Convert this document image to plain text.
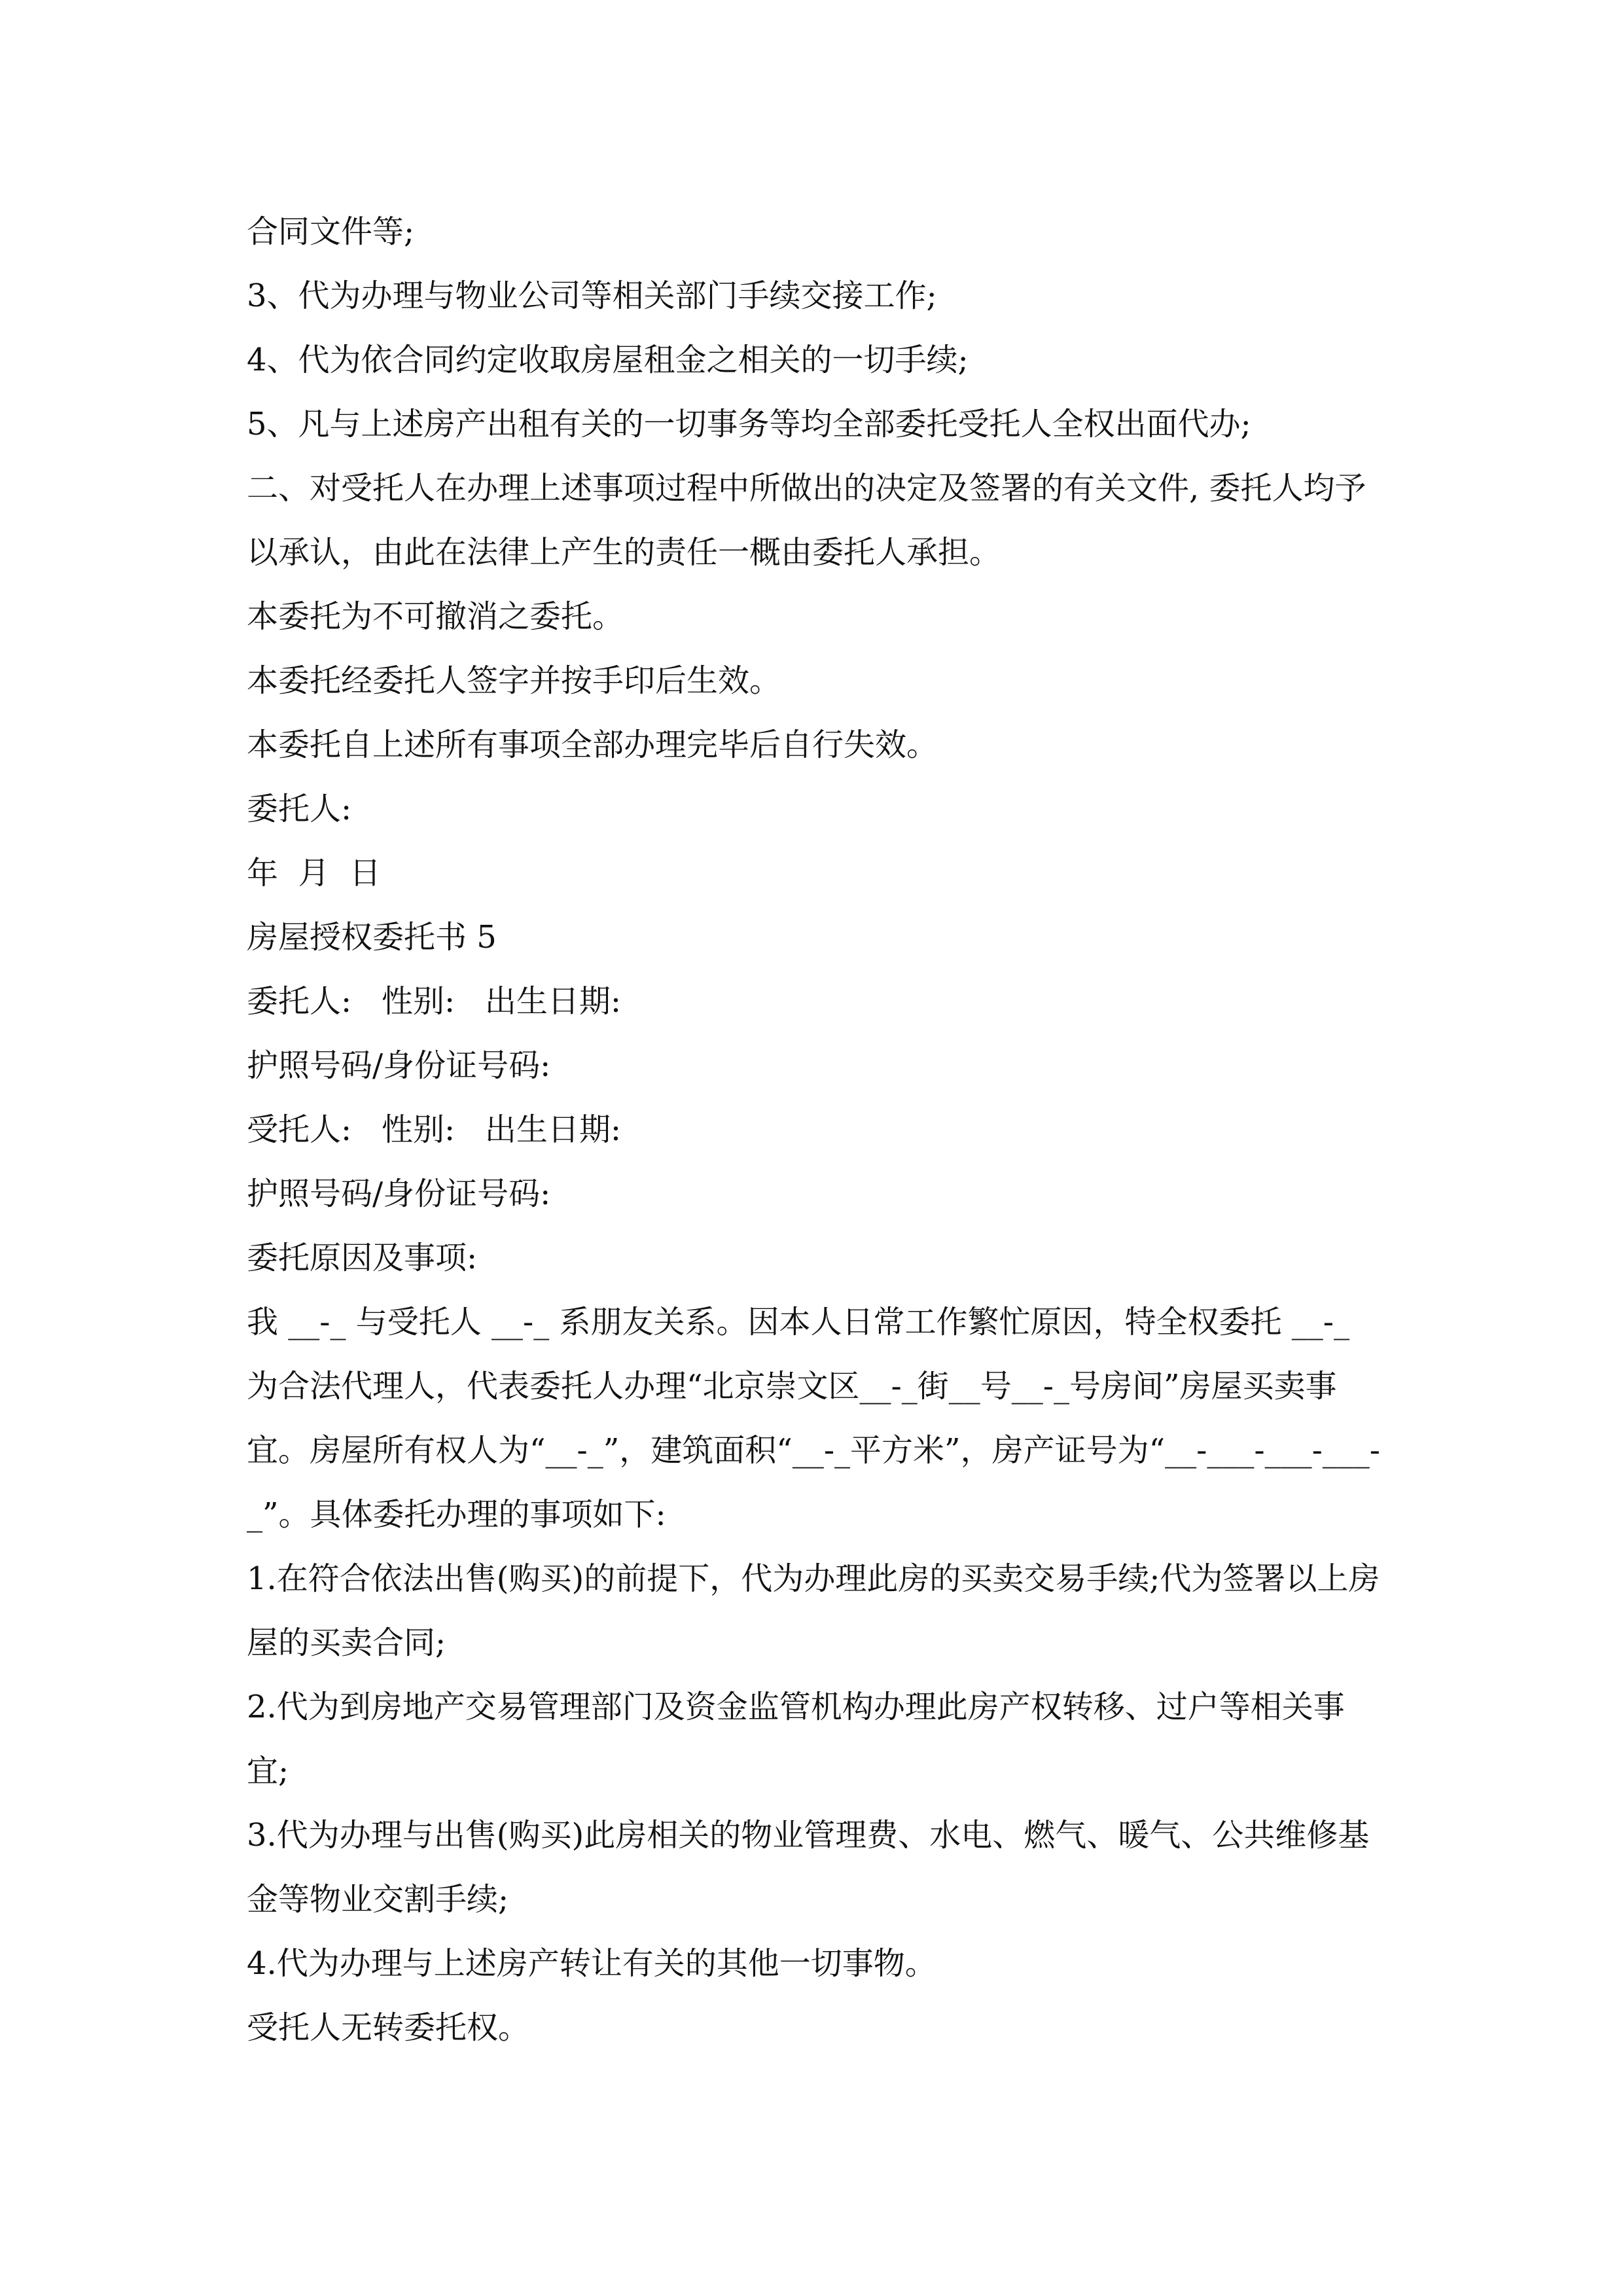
合同文件等;

3、代为办理与物业公司等相关部门手续交接工作;

4、代为依合同约定收取房屋租金之相关的一切手续;

5、凡与上述房产出租有关的一切事务等均全部委托受托人全权出面代办;

二、对受托人在办理上述事项过程中所做出的决定及签署的有关文件, 委托人均予以承认，由此在法律上产生的责任一概由委托人承担。

本委托为不可撤消之委托。

本委托经委托人签字并按手印后生效。

本委托自上述所有事项全部办理完毕后自行失效。

委托人:

年  月  日

房屋授权委托书 5

委托人:   性别:   出生日期:

护照号码/身份证号码:

受托人:   性别:   出生日期:

护照号码/身份证号码:

委托原因及事项:

我 __-_ 与受托人 __-_ 系朋友关系。因本人日常工作繁忙原因，特全权委托 __-_ 为合法代理人，代表委托人办理“北京崇文区__-_街__号__-_号房间”房屋买卖事宜。房屋所有权人为“__-_”，建筑面积“__-_平方米”，房产证号为“__-___-___-___-_”。具体委托办理的事项如下:

1.在符合依法出售(购买)的前提下，代为办理此房的买卖交易手续;代为签署以上房屋的买卖合同;

2.代为到房地产交易管理部门及资金监管机构办理此房产权转移、过户等相关事宜;

3.代为办理与出售(购买)此房相关的物业管理费、水电、燃气、暖气、公共维修基金等物业交割手续;

4.代为办理与上述房产转让有关的其他一切事物。

受托人无转委托权。
